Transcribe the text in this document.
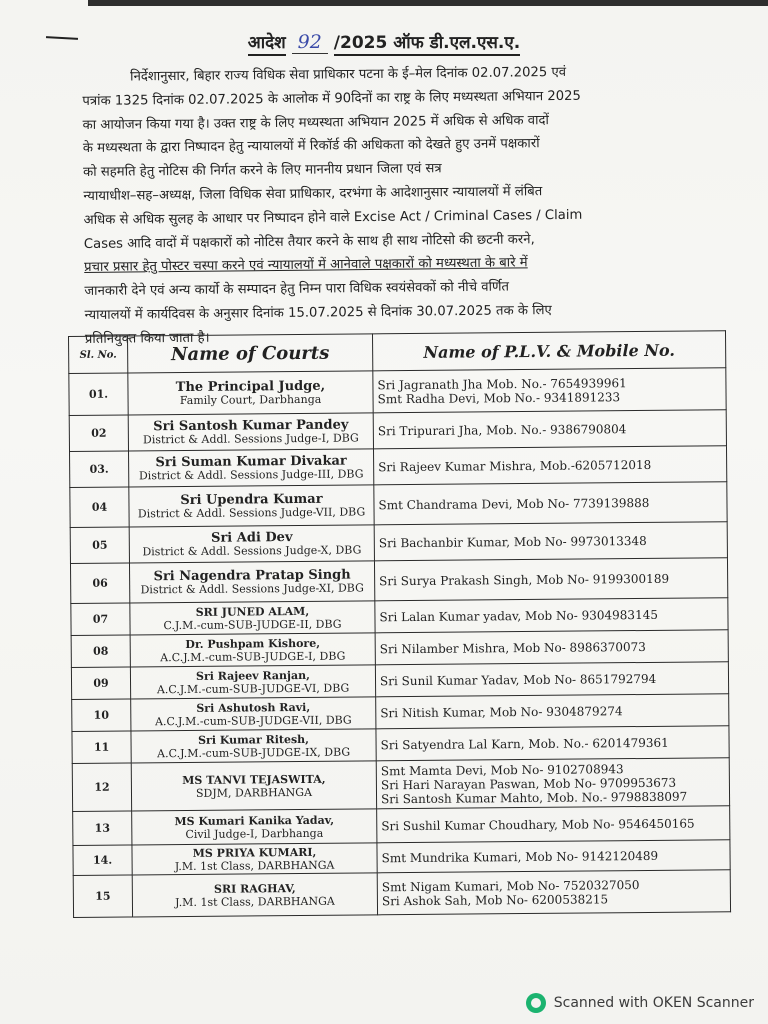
आदेश 92 /2025 ऑफ डी.एल.एस.ए.
निर्देशानुसार, बिहार राज्य विधिक सेवा प्राधिकार पटना के ई–मेल दिनांक 02.07.2025 एवं
पत्रांक 1325 दिनांक 02.07.2025 के आलोक में 90दिनों का राष्ट्र के लिए मध्यस्थता अभियान 2025
का आयोजन किया गया है। उक्त राष्ट्र के लिए मध्यस्थता अभियान 2025 में अधिक से अधिक वादों
के मध्यस्थता के द्वारा निष्पादन हेतु न्यायालयों में रिकॉर्ड की अधिकता को देखते हुए उनमें पक्षकारों
को सहमति हेतु नोटिस की निर्गत करने के लिए माननीय प्रधान जिला एवं सत्र
न्यायाधीश–सह–अध्यक्ष, जिला विधिक सेवा प्राधिकार, दरभंगा के आदेशानुसार न्यायालयों में लंबित
अधिक से अधिक सुलह के आधार पर निष्पादन होने वाले Excise Act / Criminal Cases / Claim
Cases आदि वादों में पक्षकारों को नोटिस तैयार करने के साथ ही साथ नोटिसो की छटनी करने,
प्रचार प्रसार हेतु पोस्टर चस्पा करने एवं न्यायालयों में आनेवाले पक्षकारों को मध्यस्थता के बारे में
जानकारी देने एवं अन्य कार्यो के सम्पादन हेतु निम्न पारा विधिक स्वयंसेवकों को नीचे वर्णित
न्यायालयों में कार्यदिवस के अनुसार दिनांक 15.07.2025 से दिनांक 30.07.2025 तक के लिए
प्रतिनियुक्त किया जाता है।
Sl. No.	Name of Courts	Name of P.L.V. & Mobile No.
01.	The Principal Judge,
Family Court, Darbhanga	Sri Jagranath Jha Mob. No.- 7654939961
Smt Radha Devi, Mob No.- 9341891233

02	Sri Santosh Kumar Pandey
District & Addl. Sessions Judge-I, DBG	Sri Tripurari Jha, Mob. No.- 9386790804

03.	Sri Suman Kumar Divakar
District & Addl. Sessions Judge-III, DBG	Sri Rajeev Kumar Mishra, Mob.-6205712018

04	Sri Upendra Kumar
District & Addl. Sessions Judge-VII, DBG	Smt Chandrama Devi, Mob No- 7739139888

05	Sri Adi Dev
District & Addl. Sessions Judge-X, DBG	Sri Bachanbir Kumar, Mob No- 9973013348

06	Sri Nagendra Pratap Singh
District & Addl. Sessions Judge-XI, DBG	Sri Surya Prakash Singh, Mob No- 9199300189

07	SRI JUNED ALAM,
C.J.M.-cum-SUB-JUDGE-II, DBG	Sri Lalan Kumar yadav, Mob No- 9304983145

08	Dr. Pushpam Kishore,
A.C.J.M.-cum-SUB-JUDGE-I, DBG	Sri Nilamber Mishra, Mob No- 8986370073

09	Sri Rajeev Ranjan,
A.C.J.M.-cum-SUB-JUDGE-VI, DBG	Sri Sunil Kumar Yadav, Mob No- 8651792794

10	Sri Ashutosh Ravi,
A.C.J.M.-cum-SUB-JUDGE-VII, DBG	Sri Nitish Kumar, Mob No- 9304879274

11	Sri Kumar Ritesh,
A.C.J.M.-cum-SUB-JUDGE-IX, DBG	Sri Satyendra Lal Karn, Mob. No.- 6201479361

12	MS TANVI TEJASWITA,
SDJM, DARBHANGA	Smt Mamta Devi, Mob No- 9102708943
Sri Hari Narayan Paswan, Mob No- 9709953673
Sri Santosh Kumar Mahto, Mob. No.- 9798838097

13	MS Kumari Kanika Yadav,
Civil Judge-I, Darbhanga	Sri Sushil Kumar Choudhary, Mob No- 9546450165

14.	MS PRIYA KUMARI,
J.M. 1st Class, DARBHANGA	Smt Mundrika Kumari, Mob No- 9142120489

15	SRI RAGHAV,
J.M. 1st Class, DARBHANGA	Smt Nigam Kumari, Mob No- 7520327050
Sri Ashok Sah, Mob No- 6200538215
Scanned with OKEN Scanner
